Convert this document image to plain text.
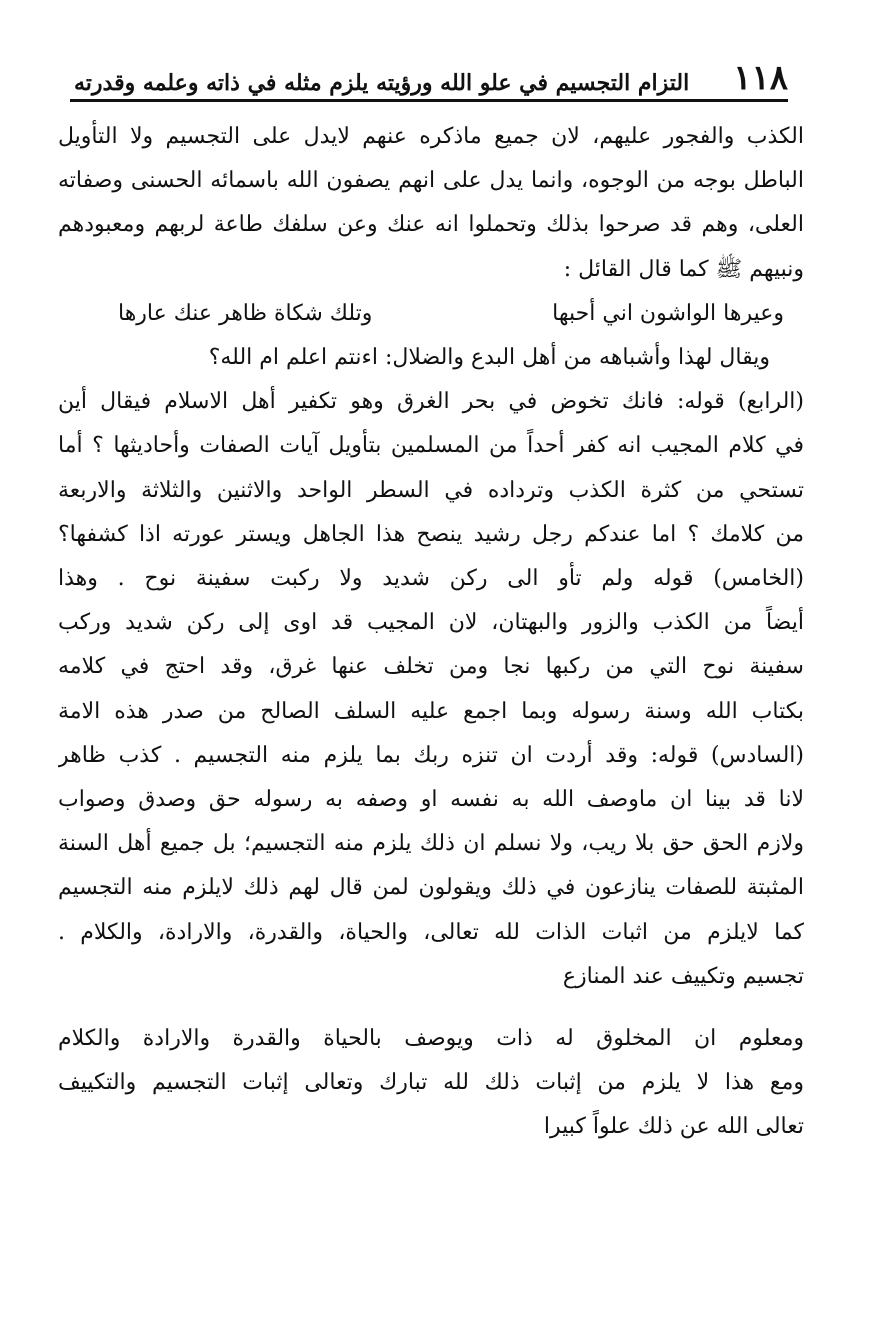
١١٨
التزام التجسيم في علو الله ورؤيته يلزم مثله في ذاته وعلمه وقدرته
الكذب والفجور عليهم، لان جميع ماذكره عنهم لايدل على التجسيم ولا التأويل
الباطل بوجه من الوجوه، وانما يدل على انهم يصفون الله باسمائه الحسنى وصفاته
العلى، وهم قد صرحوا بذلك وتحملوا انه عنك وعن سلفك طاعة لربهم ومعبودهم
ونبيهم ﷺ كما قال القائل :
وعيرها الواشون اني أحبها
وتلك شكاة ظاهر عنك عارها
ويقال لهذا وأشباهه من أهل البدع والضلال: اءنتم اعلم ام الله؟
(الرابع) قوله: فانك تخوض في بحر الغرق وهو تكفير أهل الاسلام فيقال أين
في كلام المجيب انه كفر أحداً من المسلمين بتأويل آيات الصفات وأحاديثها ؟ أما
تستحي من كثرة الكذب وترداده في السطر الواحد والاثنين والثلاثة والاربعة
من كلامك ؟ اما عندكم رجل رشيد ينصح هذا الجاهل ويستر عورته اذا كشفها؟
(الخامس) قوله ولم تأو الى ركن شديد ولا ركبت سفينة نوح . وهذا
أيضاً من الكذب والزور والبهتان، لان المجيب قد اوى إلى ركن شديد وركب
سفينة نوح التي من ركبها نجا ومن تخلف عنها غرق، وقد احتج في كلامه
بكتاب الله وسنة رسوله وبما اجمع عليه السلف الصالح من صدر هذه الامة
(السادس) قوله: وقد أردت ان تنزه ربك بما يلزم منه التجسيم . كذب ظاهر
لانا قد بينا ان ماوصف الله به نفسه او وصفه به رسوله حق وصدق وصواب
ولازم الحق حق بلا ريب، ولا نسلم ان ذلك يلزم منه التجسيم؛ بل جميع أهل السنة
المثبتة للصفات ينازعون في ذلك ويقولون لمن قال لهم ذلك لايلزم منه التجسيم
كما لايلزم من اثبات الذات لله تعالى، والحياة، والقدرة، والارادة، والكلام .
تجسيم وتكييف عند المنازع
ومعلوم ان المخلوق له ذات ويوصف بالحياة والقدرة والارادة والكلام
ومع هذا لا يلزم من إثبات ذلك لله تبارك وتعالى إثبات التجسيم والتكييف
تعالى الله عن ذلك علواً كبيرا
